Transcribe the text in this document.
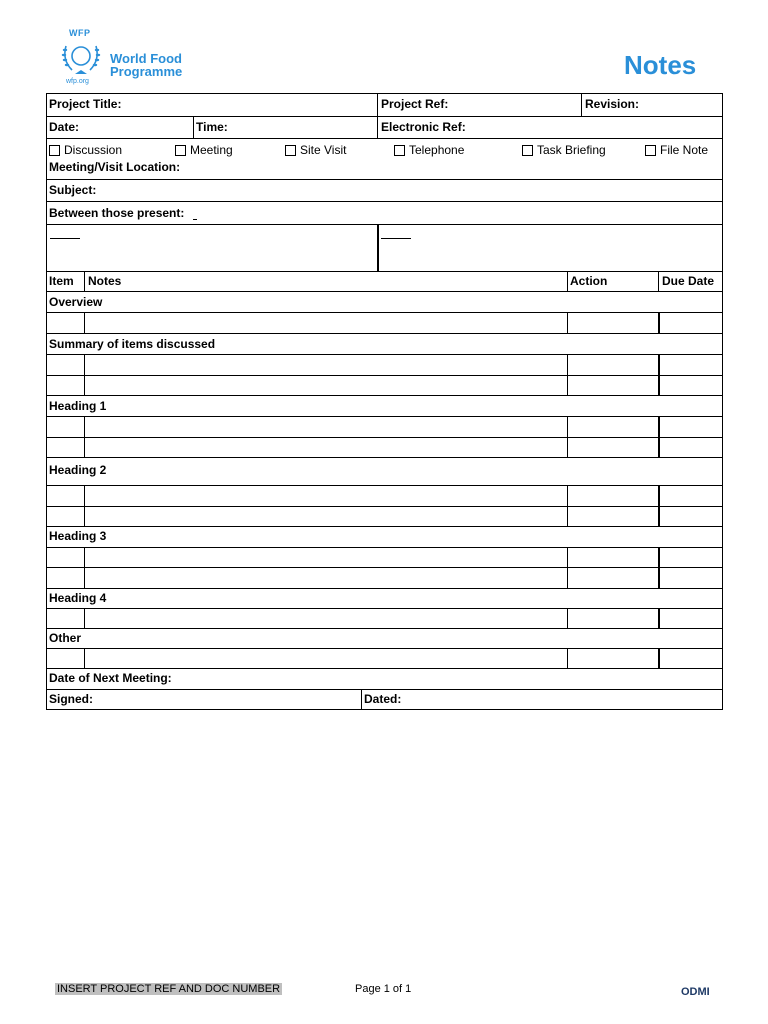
WFP
World Food
Programme
wfp.org
Notes
Project Title:	Project Ref:	Revision:
Date:	Time:	Electronic Ref:
Discussion	Meeting	Site Visit	Telephone	Task Briefing	File Note
Meeting/Visit Location:
Subject:
Between those present:
Item Notes	Action	Due Date
Overview
Summary of items discussed
Heading 1
Heading 2
Heading 3
Heading 4
Other
Date of Next Meeting:
Signed:	Dated:
INSERT PROJECT REF AND DOC NUMBER	Page 1 of 1	ODMI
